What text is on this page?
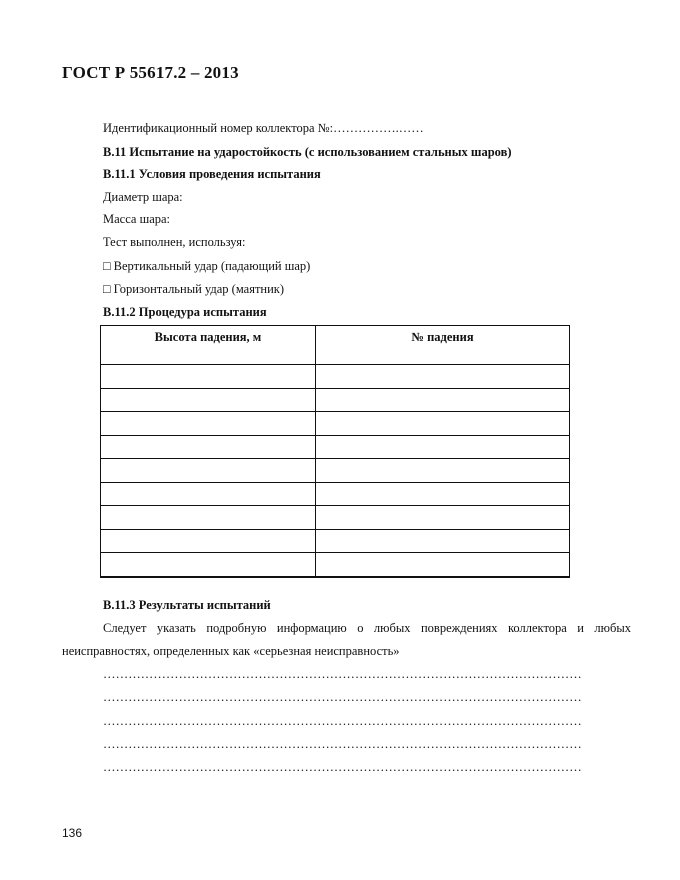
ГОСТ Р 55617.2 – 2013
Идентификационный номер коллектора №:…………….……
B.11 Испытание на ударостойкость (с использованием стальных шаров)
B.11.1 Условия проведения испытания
Диаметр шара:
Масса шара:
Тест выполнен, используя:
□ Вертикальный удар (падающий шар)
□ Горизонтальный удар (маятник)
B.11.2 Процедура испытания
Высота падения, м	№ падения

B.11.3 Результаты испытаний
Следует указать подробную информацию о любых повреждениях коллектора и любых
неисправностях, определенных как «серьезная неисправность»
……………………………………………………………………………………………………
……………………………………………………………………………………………………
……………………………………………………………………………………………………
……………………………………………………………………………………………………
……………………………………………………………………………………………………
136
